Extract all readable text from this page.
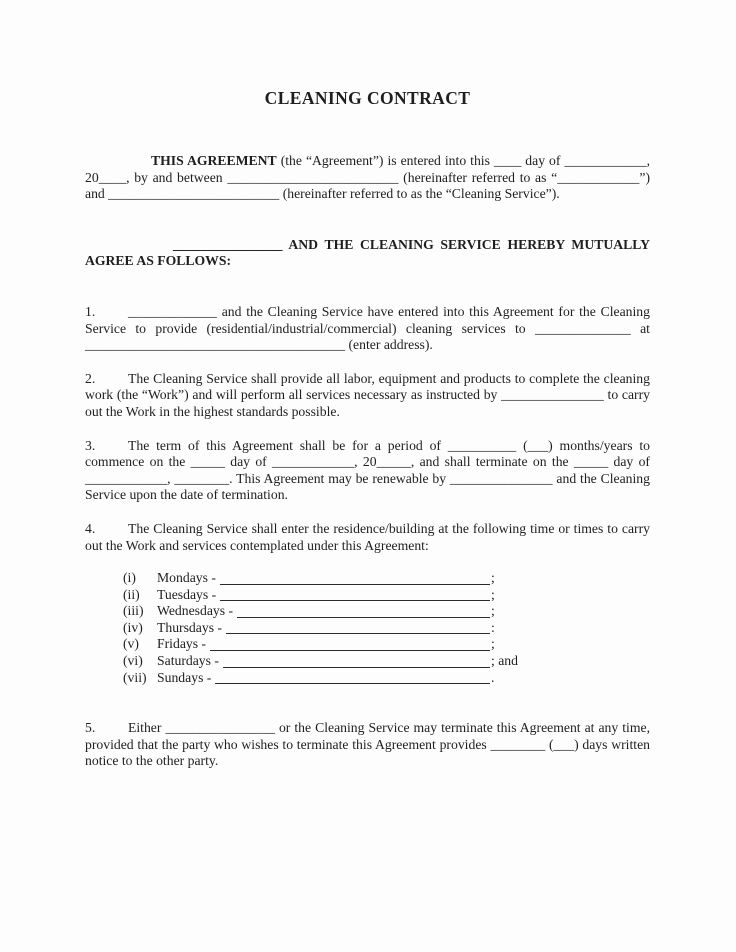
CLEANING CONTRACT

THIS AGREEMENT (the “Agreement”) is entered into this ____ day of ____________, 20____, by and between _________________________ (hereinafter referred to as “____________”) and _________________________ (hereinafter referred to as the “Cleaning Service”).

________________ AND THE CLEANING SERVICE HEREBY MUTUALLY AGREE AS FOLLOWS:

1. _____________ and the Cleaning Service have entered into this Agreement for the Cleaning Service to provide (residential/industrial/commercial) cleaning services to ______________ at ______________________________________ (enter address).

2. The Cleaning Service shall provide all labor, equipment and products to complete the cleaning work (the “Work”) and will perform all services necessary as instructed by _______________ to carry out the Work in the highest standards possible.

3. The term of this Agreement shall be for a period of __________ (___) months/years to commence on the _____ day of ____________, 20_____, and shall terminate on the _____ day of ____________, ________. This Agreement may be renewable by _______________ and the Cleaning Service upon the date of termination.

4. The Cleaning Service shall enter the residence/building at the following time or times to carry out the Work and services contemplated under this Agreement:

(i)	Mondays -	;
(ii)	Tuesdays -	;
(iii) Wednesdays -	;
(iv)	Thursdays -	:
(v)	Fridays -	;
(vi)	Saturdays -	; and
(vii) Sundays -	.

5. Either ________________ or the Cleaning Service may terminate this Agreement at any time, provided that the party who wishes to terminate this Agreement provides ________ (___) days written notice to the other party.
